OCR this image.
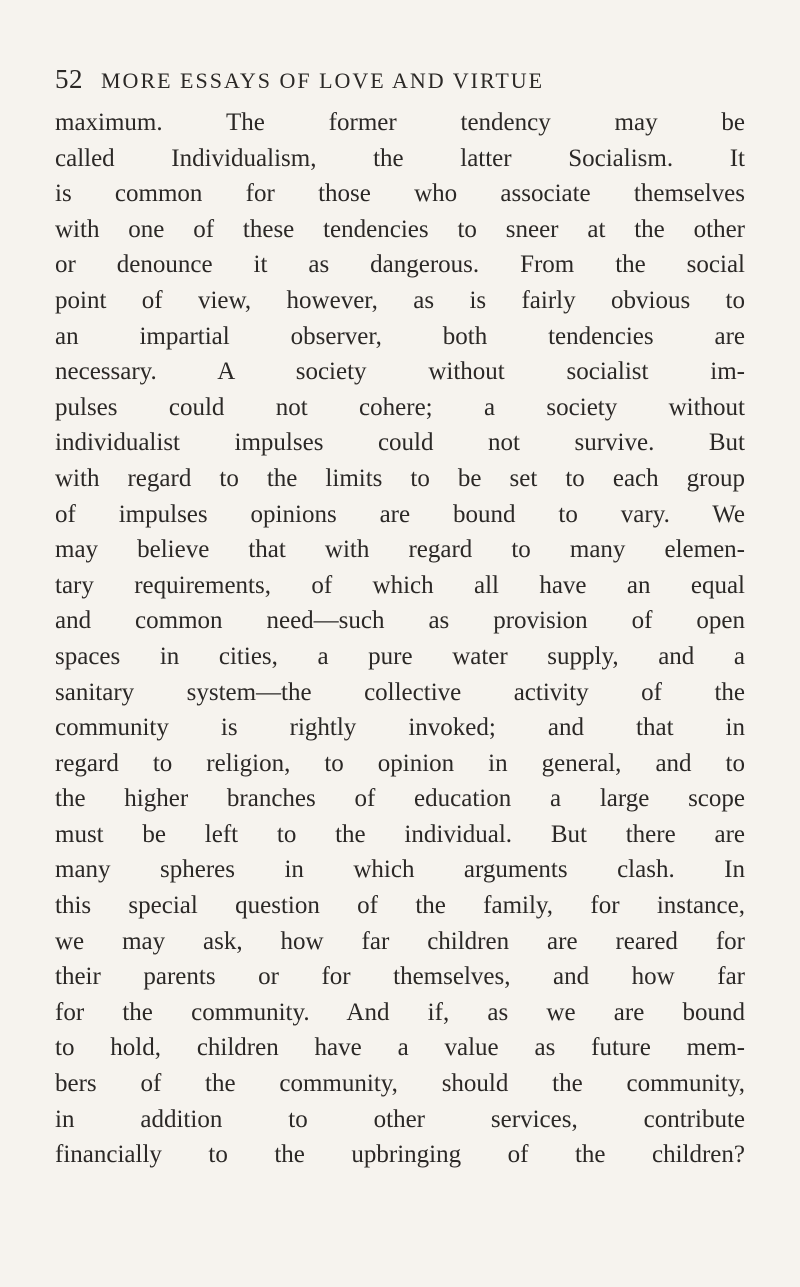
52 MORE ESSAYS OF LOVE AND VIRTUE
maximum. The former tendency may be
called Individualism, the latter Socialism. It
is common for those who associate themselves
with one of these tendencies to sneer at the other
or denounce it as dangerous. From the social
point of view, however, as is fairly obvious to
an impartial observer, both tendencies are
necessary. A society without socialist im-
pulses could not cohere; a society without
individualist impulses could not survive. But
with regard to the limits to be set to each group
of impulses opinions are bound to vary. We
may believe that with regard to many elemen-
tary requirements, of which all have an equal
and common need—such as provision of open
spaces in cities, a pure water supply, and a
sanitary system—the collective activity of the
community is rightly invoked; and that in
regard to religion, to opinion in general, and to
the higher branches of education a large scope
must be left to the individual. But there are
many spheres in which arguments clash. In
this special question of the family, for instance,
we may ask, how far children are reared for
their parents or for themselves, and how far
for the community. And if, as we are bound
to hold, children have a value as future mem-
bers of the community, should the community,
in addition to other services, contribute
financially to the upbringing of the children?
